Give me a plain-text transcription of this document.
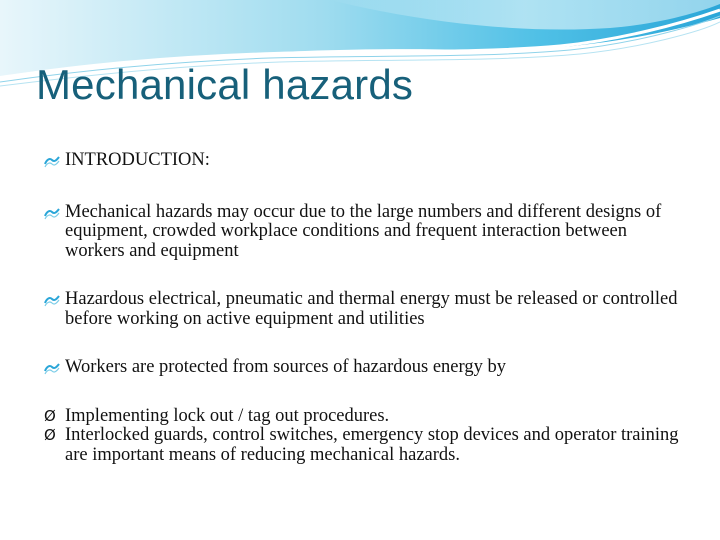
Mechanical hazards
INTRODUCTION:
Mechanical hazards may occur due to the large numbers and different designs of equipment, crowded workplace conditions and frequent interaction between workers and equipment
Hazardous electrical, pneumatic and thermal energy must be released or controlled before working on active equipment and utilities
Workers are protected from sources of hazardous energy by
Ø Implementing lock out / tag out procedures.
Ø Interlocked guards, control switches, emergency stop devices and operator training are important means of reducing mechanical hazards.
